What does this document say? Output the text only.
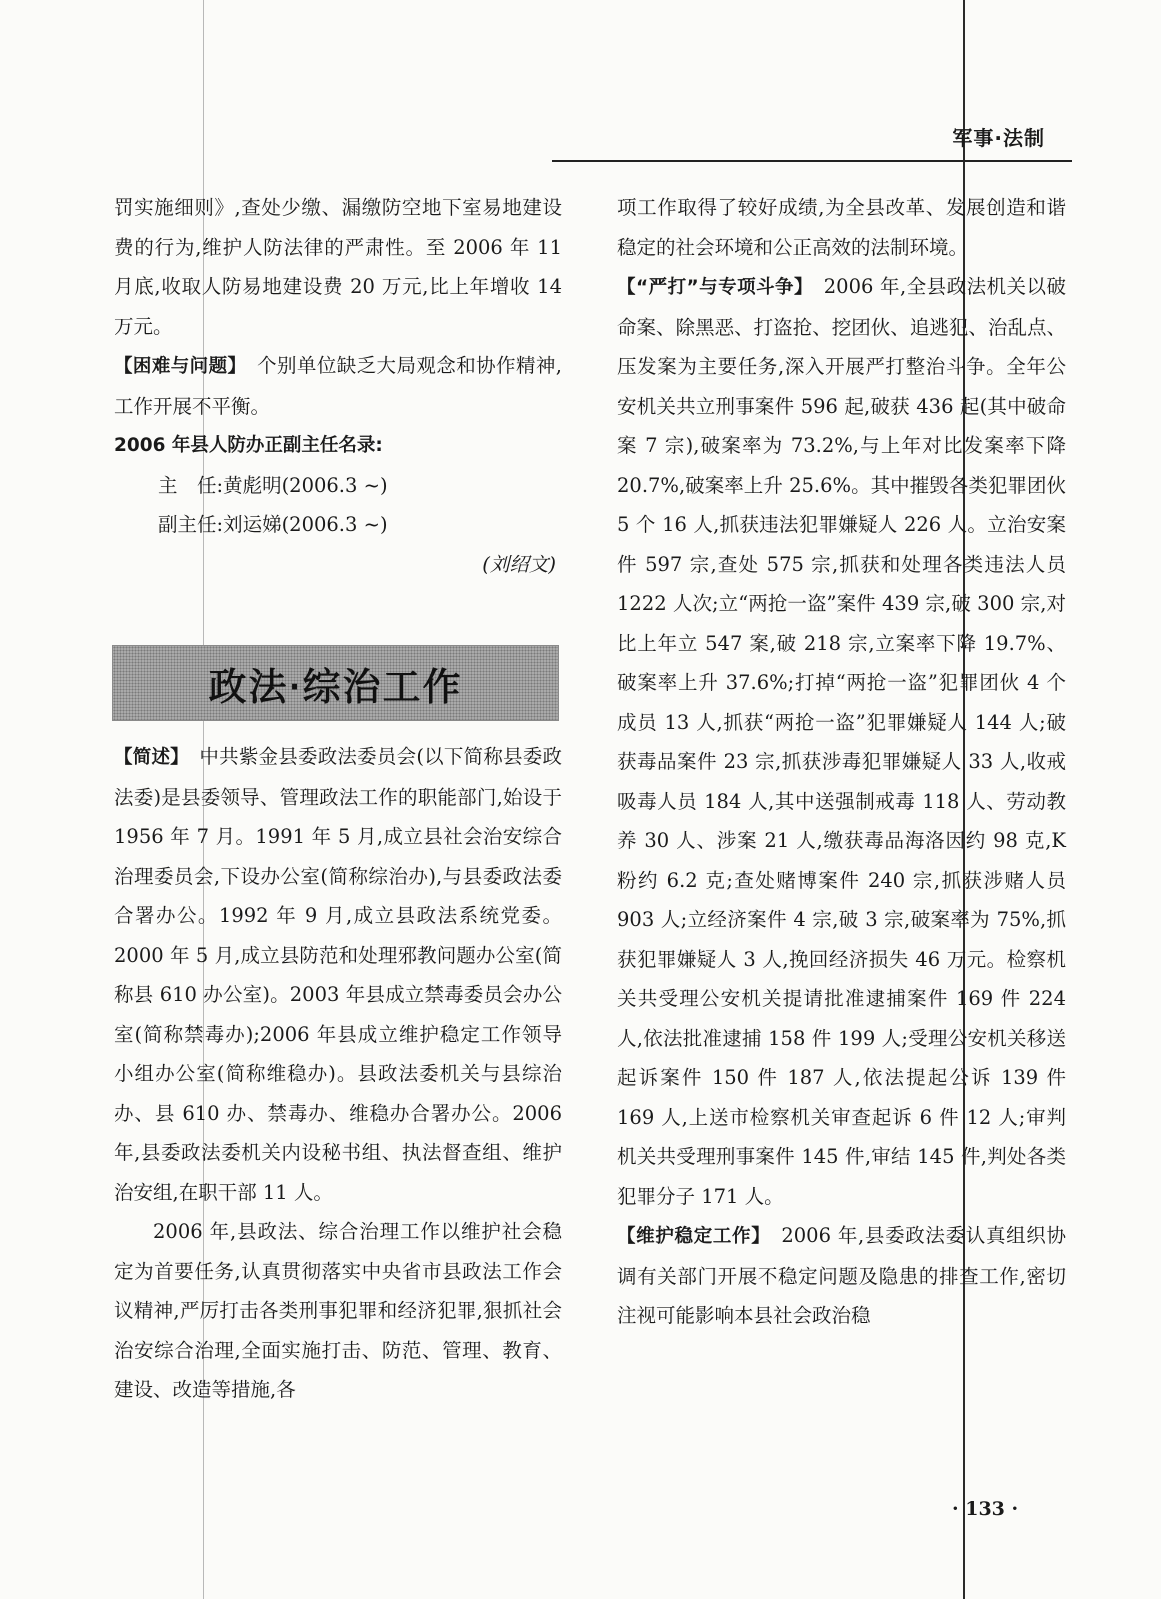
军事·法制

罚实施细则》,查处少缴、漏缴防空地下室易地建设费的行为,维护人防法律的严肃性。至 2006 年 11 月底,收取人防易地建设费 20 万元,比上年增收 14 万元。

【困难与问题】　 个别单位缺乏大局观念和协作精神,工作开展不平衡。

2006 年县人防办正副主任名录:

主　任:黄彪明(2006.3 ~)

副主任:刘运娣(2006.3 ~)

(刘绍文)

政法·综治工作

【简述】　 中共紫金县委政法委员会(以下简称县委政法委)是县委领导、管理政法工作的职能部门,始设于 1956 年 7 月。1991 年 5 月,成立县社会治安综合治理委员会,下设办公室(简称综治办),与县委政法委合署办公。1992 年 9 月,成立县政法系统党委。2000 年 5 月,成立县防范和处理邪教问题办公室(简称县 610 办公室)。2003 年县成立禁毒委员会办公室(简称禁毒办);2006 年县成立维护稳定工作领导小组办公室(简称维稳办)。县政法委机关与县综治办、县 610 办、禁毒办、维稳办合署办公。2006 年,县委政法委机关内设秘书组、执法督查组、维护治安组,在职干部 11 人。

2006 年,县政法、综合治理工作以维护社会稳定为首要任务,认真贯彻落实中央省市县政法工作会议精神,严厉打击各类刑事犯罪和经济犯罪,狠抓社会治安综合治理,全面实施打击、防范、管理、教育、建设、改造等措施,各

项工作取得了较好成绩,为全县改革、发展创造和谐稳定的社会环境和公正高效的法制环境。

【“严打”与专项斗争】　 2006 年,全县政法机关以破命案、除黑恶、打盗抢、挖团伙、追逃犯、治乱点、压发案为主要任务,深入开展严打整治斗争。全年公安机关共立刑事案件 596 起,破获 436 起(其中破命案 7 宗),破案率为 73.2%,与上年对比发案率下降 20.7%,破案率上升 25.6%。其中摧毁各类犯罪团伙 5 个 16 人,抓获违法犯罪嫌疑人 226 人。立治安案件 597 宗,查处 575 宗,抓获和处理各类违法人员 1222 人次;立“两抢一盗”案件 439 宗,破 300 宗,对比上年立 547 案,破 218 宗,立案率下降 19.7%、破案率上升 37.6%;打掉“两抢一盗”犯罪团伙 4 个成员 13 人,抓获“两抢一盗”犯罪嫌疑人 144 人;破获毒品案件 23 宗,抓获涉毒犯罪嫌疑人 33 人,收戒吸毒人员 184 人,其中送强制戒毒 118 人、劳动教养 30 人、涉案 21 人,缴获毒品海洛因约 98 克,K 粉约 6.2 克;查处赌博案件 240 宗,抓获涉赌人员 903 人;立经济案件 4 宗,破 3 宗,破案率为 75%,抓获犯罪嫌疑人 3 人,挽回经济损失 46 万元。检察机关共受理公安机关提请批准逮捕案件 169 件 224 人,依法批准逮捕 158 件 199 人;受理公安机关移送起诉案件 150 件 187 人,依法提起公诉 139 件 169 人,上送市检察机关审查起诉 6 件 12 人;审判机关共受理刑事案件 145 件,审结 145 件,判处各类犯罪分子 171 人。

【维护稳定工作】　 2006 年,县委政法委认真组织协调有关部门开展不稳定问题及隐患的排查工作,密切注视可能影响本县社会政治稳

· 133 ·
